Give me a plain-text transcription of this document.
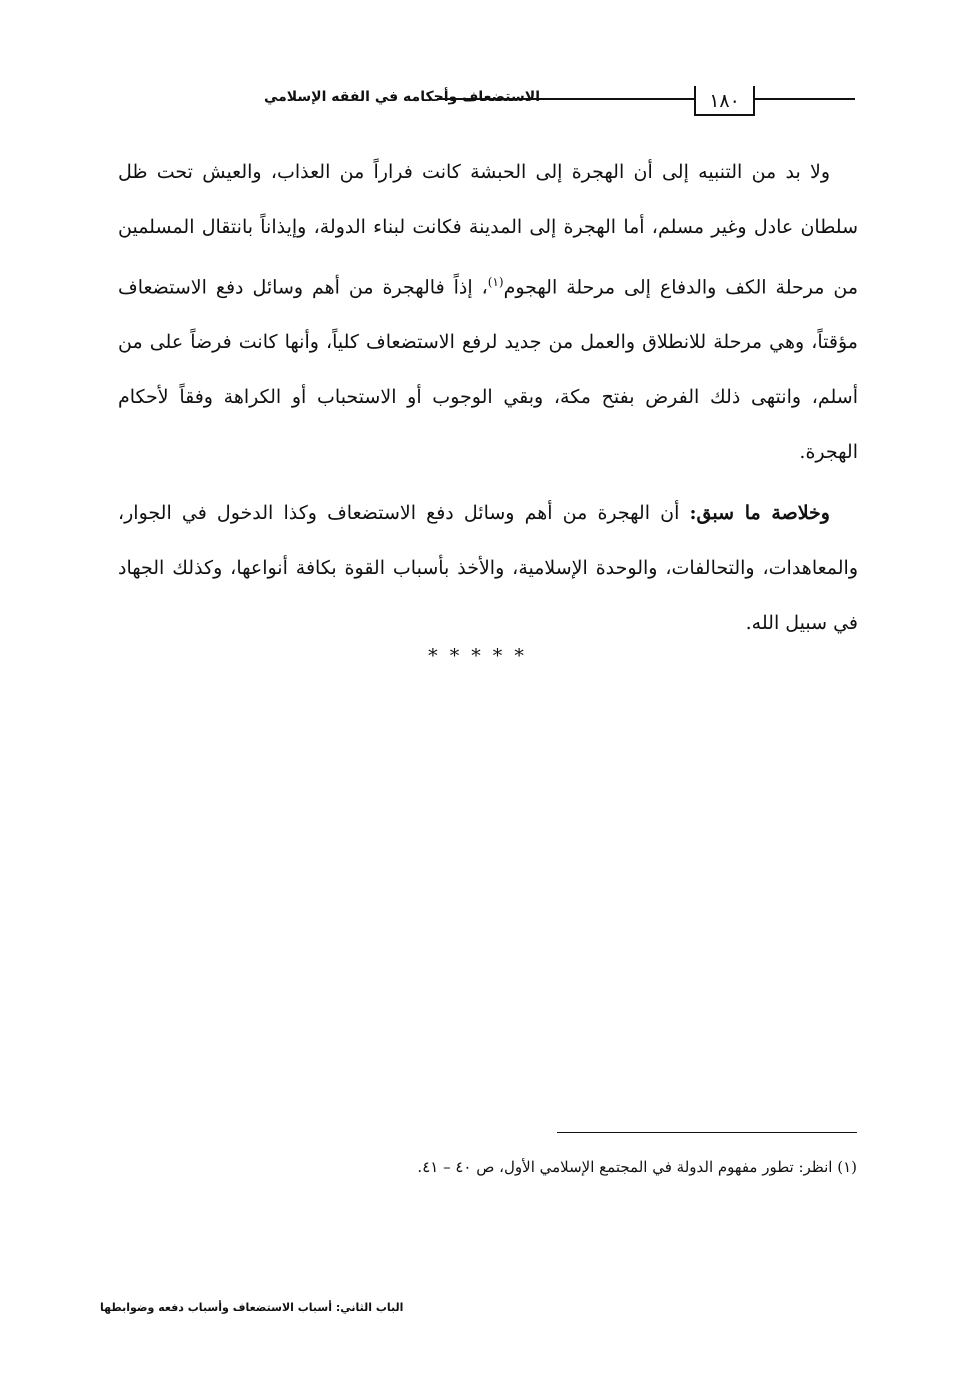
الاستضعاف وأحكامه في الفقه الإسلامي	١٨٠

ولا بد من التنبيه إلى أن الهجرة إلى الحبشة كانت فراراً من العذاب، والعيش تحت ظل سلطان عادل وغير مسلم، أما الهجرة إلى المدينة فكانت لبناء الدولة، وإيذاناً بانتقال المسلمين من مرحلة الكف والدفاع إلى مرحلة الهجوم$^{(١)}$، إذاً فالهجرة من أهم وسائل دفع الاستضعاف مؤقتاً، وهي مرحلة للانطلاق والعمل من جديد لرفع الاستضعاف كلياً، وأنها كانت فرضاً على من أسلم، وانتهى ذلك الفرض بفتح مكة، وبقي الوجوب أو الاستحباب أو الكراهة وفقاً لأحكام الهجرة.

وخلاصة ما سبق: أن الهجرة من أهم وسائل دفع الاستضعاف وكذا الدخول في الجوار، والمعاهدات، والتحالفات، والوحدة الإسلامية، والأخذ بأسباب القوة بكافة أنواعها، وكذلك الجهاد في سبيل الله.

* * * * *
(١) انظر: تطور مفهوم الدولة في المجتمع الإسلامي الأول، ص ٤٠ – ٤١.
الباب الثاني: أسباب الاستضعاف وأسباب دفعه وضوابطها
